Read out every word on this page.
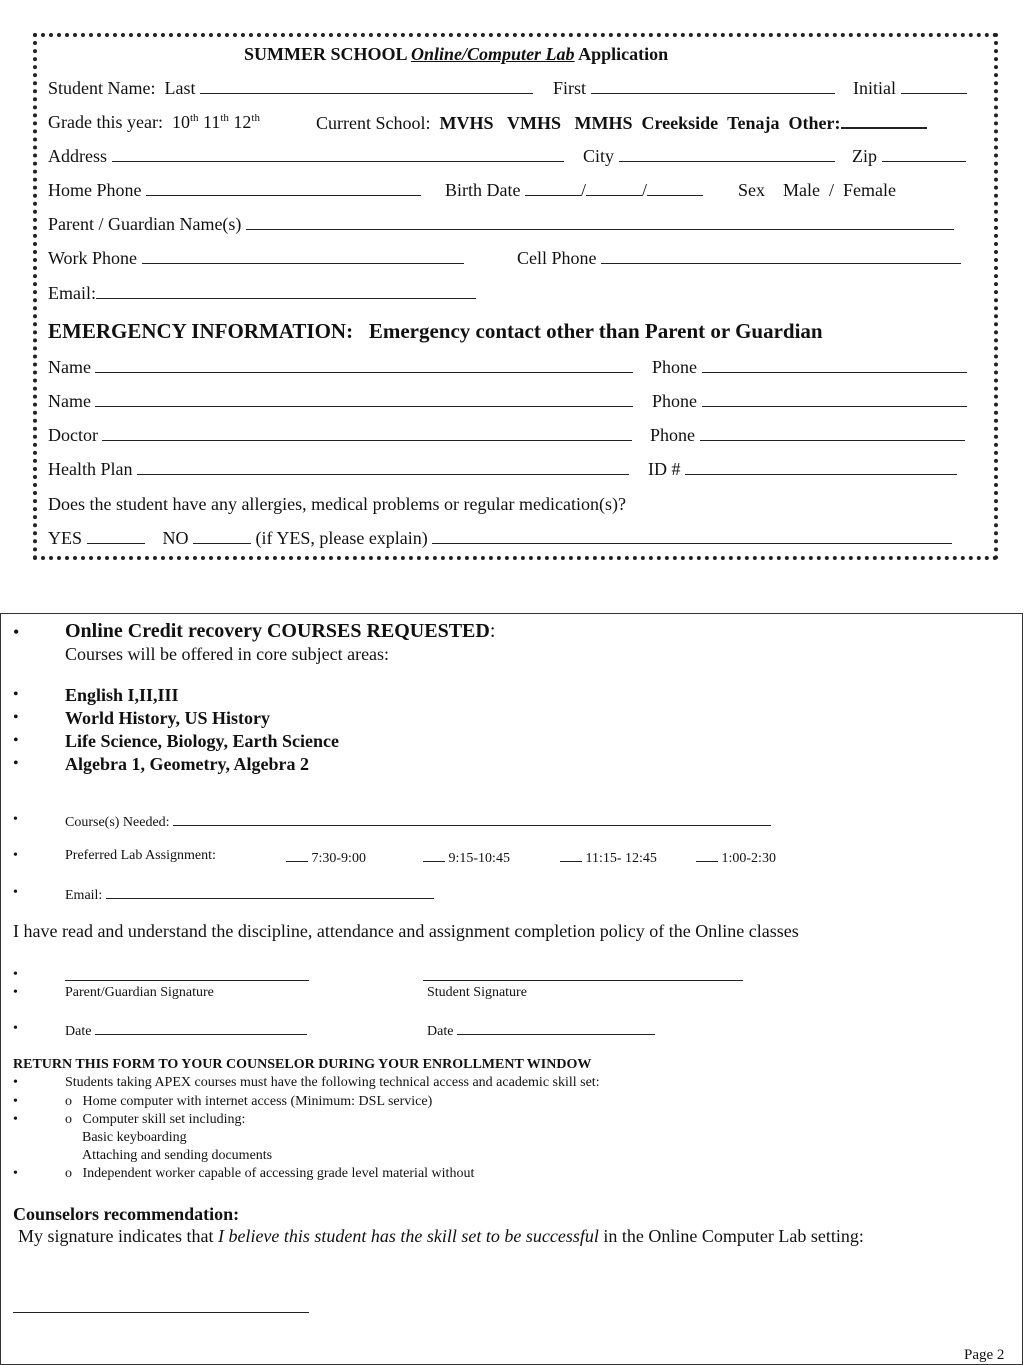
SUMMER SCHOOL Online/Computer Lab Application
Student Name: Last	First	Initial
Grade this year: 10th 11th 12th	Current School: MVHS VMHS MMHS Creekside Tenaja Other:
Address	City	Zip
Home Phone	Birth Date	/	/	Sex Male  /  Female
Parent / Guardian Name(s)
Work Phone	Cell Phone
Email:
EMERGENCY INFORMATION: Emergency contact other than Parent or Guardian
Name	Phone
Name	Phone
Doctor	Phone
Health Plan	ID #
Does the student have any allergies, medical problems or regular medication(s)?
YES	NO	(if YES, please explain)
• Online Credit recovery COURSES REQUESTED:
Courses will be offered in core subject areas:
•	English I,II,III
•	World History, US History
•	Life Science, Biology, Earth Science
•	Algebra 1, Geometry, Algebra 2
•	Course(s) Needed:
•	Preferred Lab Assignment:	7:30-9:00	9:15-10:45	11:15- 12:45	1:00-2:30
•	Email:
I have read and understand the discipline, attendance and assignment completion policy of the Online classes
•
•	Parent/Guardian Signature	Student Signature
•	Date	Date
RETURN THIS FORM TO YOUR COUNSELOR DURING YOUR ENROLLMENT WINDOW
•	Students taking APEX courses must have the following technical access and academic skill set:
•	o Home computer with internet access (Minimum: DSL service)
•	o Computer skill set including:
Basic keyboarding
Attaching and sending documents
•	o Independent worker capable of accessing grade level material without
Counselors recommendation:
My signature indicates that I believe this student has the skill set to be successful in the Online Computer Lab setting:
Page 2
